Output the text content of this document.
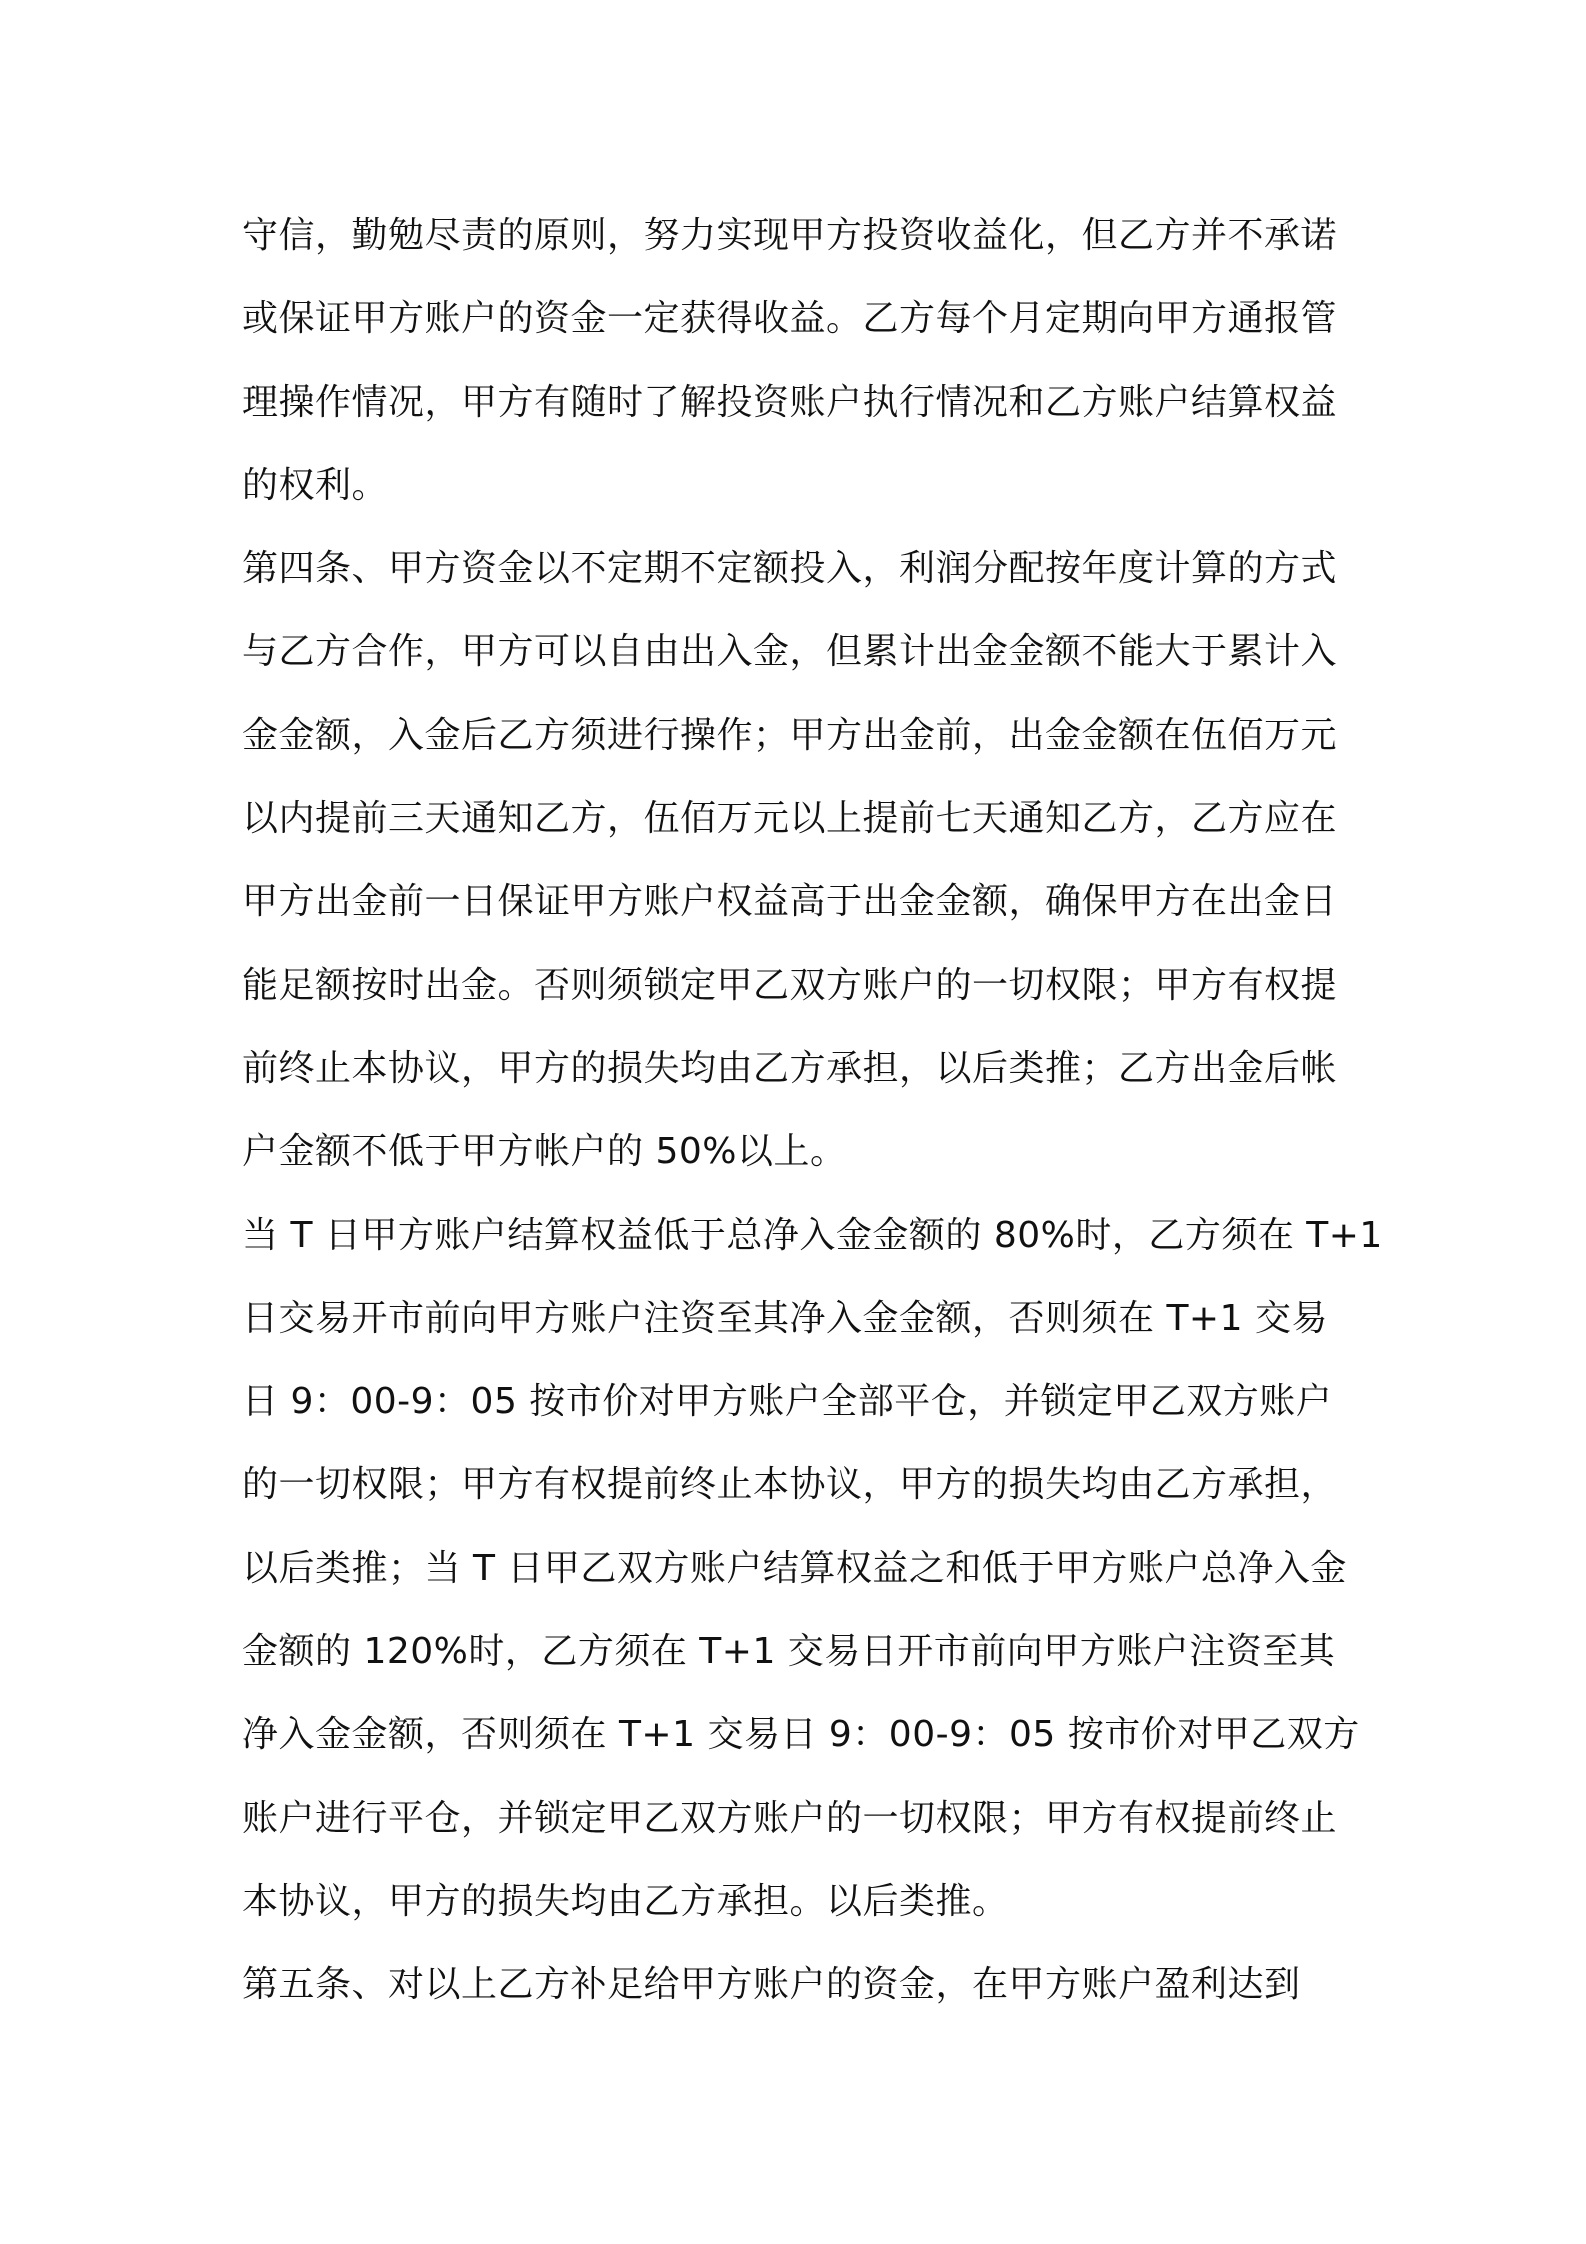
守信，勤勉尽责的原则，努力实现甲方投资收益化，但乙方并不承诺
或保证甲方账户的资金一定获得收益。乙方每个月定期向甲方通报管
理操作情况，甲方有随时了解投资账户执行情况和乙方账户结算权益
的权利。
第四条、甲方资金以不定期不定额投入，利润分配按年度计算的方式
与乙方合作，甲方可以自由出入金，但累计出金金额不能大于累计入
金金额，入金后乙方须进行操作；甲方出金前，出金金额在伍佰万元
以内提前三天通知乙方，伍佰万元以上提前七天通知乙方，乙方应在
甲方出金前一日保证甲方账户权益高于出金金额，确保甲方在出金日
能足额按时出金。否则须锁定甲乙双方账户的一切权限；甲方有权提
前终止本协议，甲方的损失均由乙方承担，以后类推；乙方出金后帐
户金额不低于甲方帐户的 50%以上。
当 T 日甲方账户结算权益低于总净入金金额的 80%时，乙方须在 T+1
日交易开市前向甲方账户注资至其净入金金额，否则须在 T+1 交易
日 9：00-9：05 按市价对甲方账户全部平仓，并锁定甲乙双方账户
的一切权限；甲方有权提前终止本协议，甲方的损失均由乙方承担，
以后类推；当 T 日甲乙双方账户结算权益之和低于甲方账户总净入金
金额的 120%时，乙方须在 T+1 交易日开市前向甲方账户注资至其
净入金金额，否则须在 T+1 交易日 9：00-9：05 按市价对甲乙双方
账户进行平仓，并锁定甲乙双方账户的一切权限；甲方有权提前终止
本协议，甲方的损失均由乙方承担。以后类推。
第五条、对以上乙方补足给甲方账户的资金，在甲方账户盈利达到
